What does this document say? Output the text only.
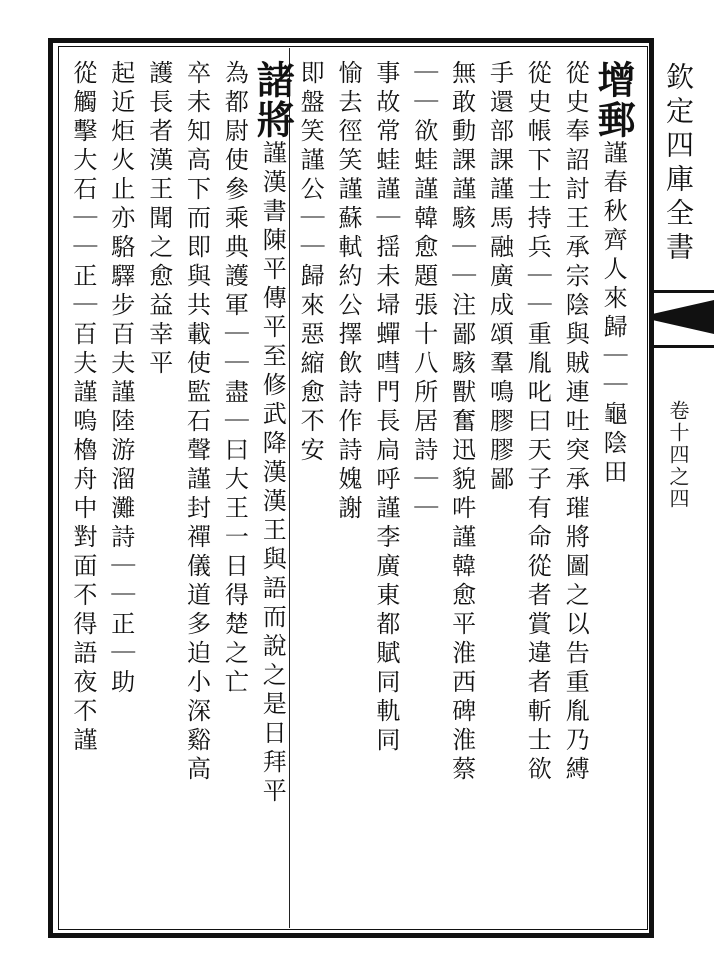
欽定四庫全書
卷十四之四
增郵謹春秋齊人來歸｜｜龜陰田
從史奉詔討王承宗陰與賊連吐突承璀將圖之以告重胤乃縛
從史帳下士持兵｜｜重胤叱曰天子有命從者賞違者斬士欲
手還部課謹馬融廣成頌羣鳴膠膠鄙
無敢動課謹駭｜｜注鄙駭獸奮迅貌吽謹韓愈平淮西碑淮蔡
｜｜欲蛙謹韓愈題張十八所居詩｜｜
事故常蛙謹｜揺未埽蟬嘒門長扃呼謹李廣東都賦同軌同
愉去徑笑謹蘇軾約公擇飲詩作詩媿謝
即盤笑謹公｜｜歸來惡縮愈不安
諸將謹漢書陳平傳平至修武降漢漢王與語而說之是日拜平
為都尉使參乘典護軍｜｜盡｜曰大王一日得楚之亡
卒未知高下而即與共載使監石聲謹封禪儀道多迫小深谿高
護長者漢王聞之愈益幸平
起近炬火止亦駱驛步百夫謹陸游溜灘詩｜｜正｜助
從觸擊大石｜｜正｜百夫謹嗚櫓舟中對面不得語夜不謹
